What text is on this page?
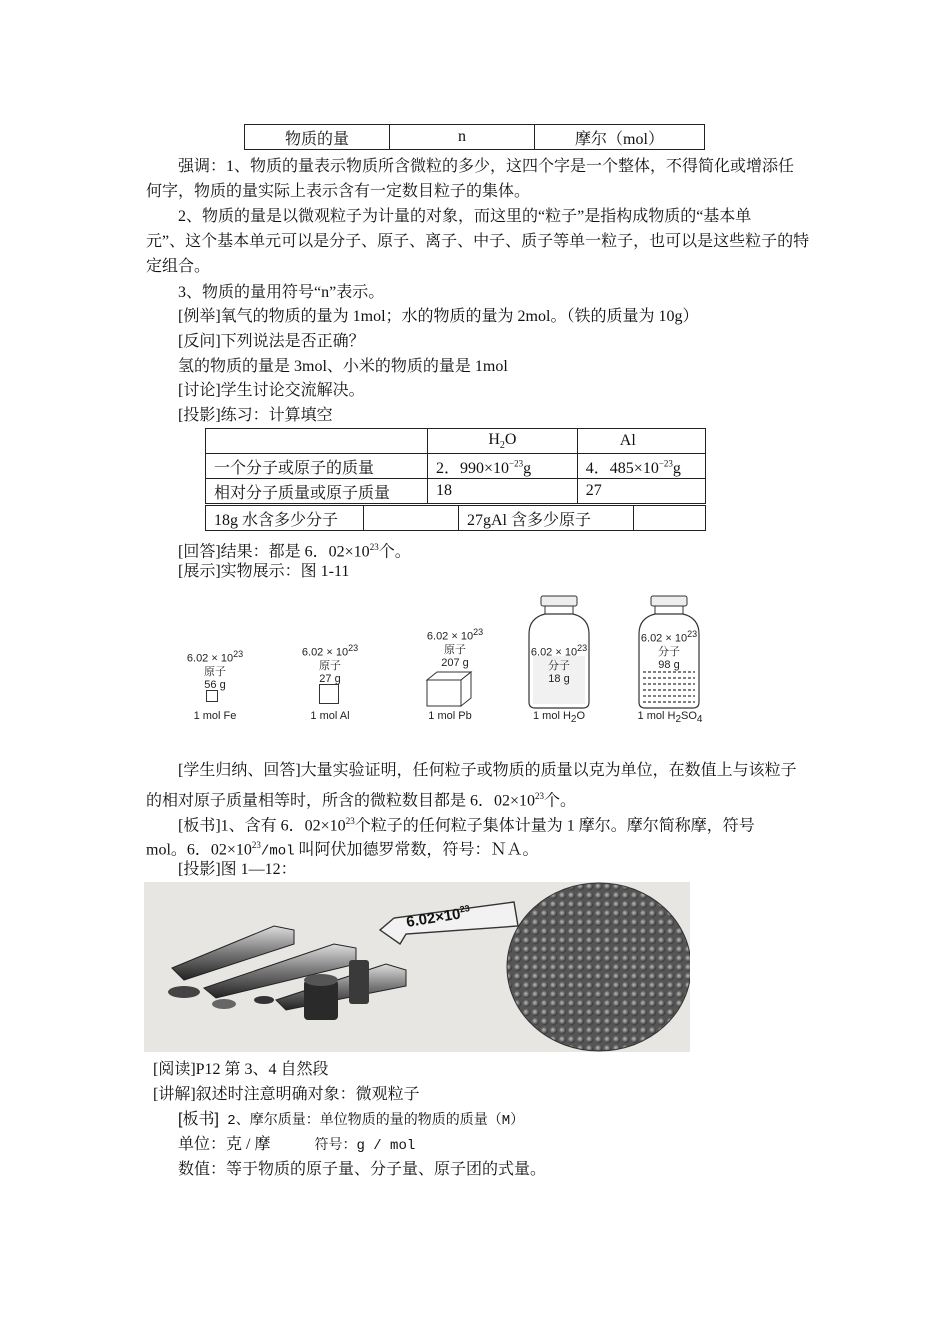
物质的量	n	摩尔（mol）
强调：1、物质的量表示物质所含微粒的多少，这四个字是一个整体，不得简化或增添任
何字，物质的量实际上表示含有一定数目粒子的集体。
2、物质的量是以微观粒子为计量的对象，而这里的“粒子”是指构成物质的“基本单
元”、这个基本单元可以是分子、原子、离子、中子、质子等单一粒子，也可以是这些粒子的特
定组合。
3、物质的量用符号“n”表示。
[例举]氧气的物质的量为 1mol；水的物质的量为 2mol。（铁的质量为 10g）
[反问]下列说法是否正确？
氢的物质的量是 3mol、小米的物质的量是 1mol
[讨论]学生讨论交流解决。
[投影]练习：计算填空
	$H_2O$	Al
一个分子或原子的质量	2．$990\times 10^{-23}g$	4．$485\times 10^{-23}g$
相对分子质量或原子质量	18	27
18g 水含多少分子		27gAl 含多少原子	
[回答]结果：都是 6．$02\times 10^{23}$个。
[展示]实物展示：图 1-11
$6.02 \times 10^{23}$
原子
56 g
1 mol Fe
$6.02 \times 10^{23}$
原子
27 g
1 mol Al
$6.02 \times 10^{23}$
原子
207 g
1 mol Pb
$6.02 \times 10^{23}$
分子
18 g
1 mol $H_2O$
$6.02 \times 10^{23}$
分子
98 g
1 mol $H_2SO_4$
[学生归纳、回答]大量实验证明，任何粒子或物质的质量以克为单位，在数值上与该粒子
的相对原子质量相等时，所含的微粒数目都是 6．$02\times 10^{23}$个。
[板书]1、含有 6．$02\times 10^{23}$个粒子的任何粒子集体计量为 1 摩尔。摩尔简称摩，符号
mol。6．$02\times 10^{23}$/mol 叫阿伏加德罗常数，符号：ＮＡ。
[投影]图 1—12：
$6.02\times 10^{23}$
[阅读]P12 第 3、4 自然段
[讲解]叙述时注意明确对象：微观粒子
[板书] 2、摩尔质量：单位物质的量的物质的质量（M）
单位：克 / 摩	符号：g / mol
数值：等于物质的原子量、分子量、原子团的式量。
